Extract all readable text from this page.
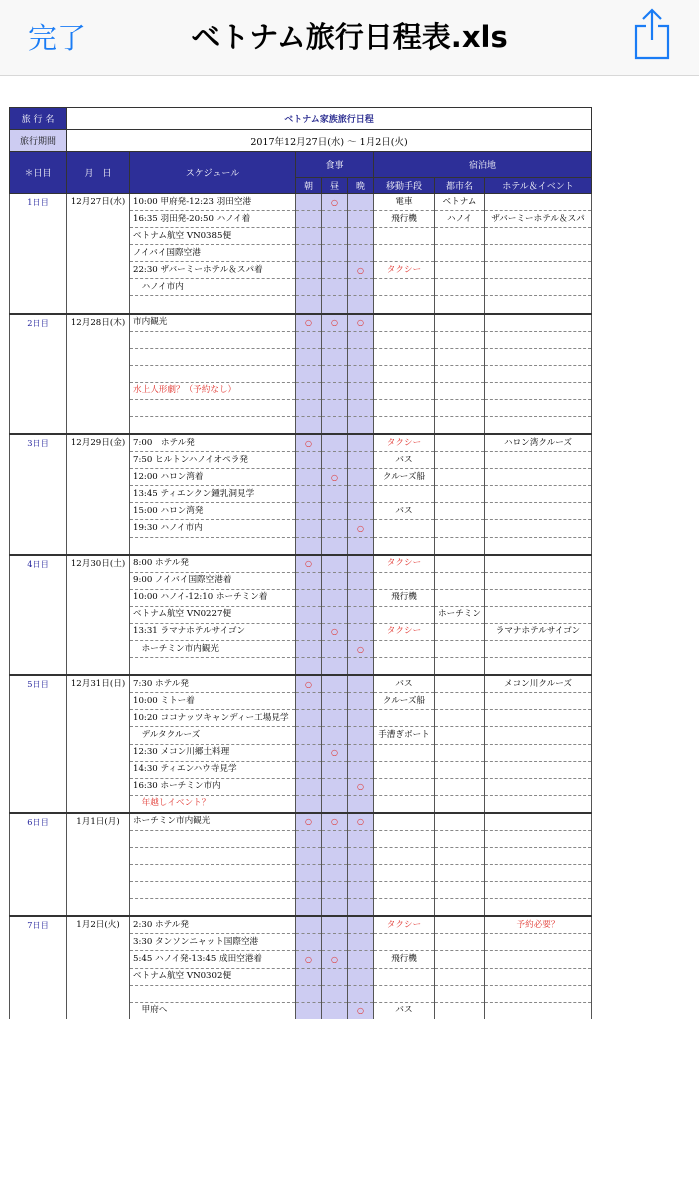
完了	ベトナム旅行日程表.xls
旅 行 名	ベトナム家族旅行日程							
旅行期間	2017年12月27日(水) 〜 1月2日(火)							
＊日目	月　日	スケジュール	食事			宿泊地		
			朝	昼	晩	移動手段	都市名	ホテル＆イベント
1日目	12月27日(水)	10:00 甲府発-12:23 羽田空港		○		電車	ベトナム	
		16:35 羽田発-20:50 ハノイ着				飛行機	ハノイ	ザバーミーホテル＆スパ
		ベトナム航空 VN0385便						
		ノイバイ国際空港						
		22:30 ザバーミーホテル＆スパ着			○	タクシー		
		　ハノイ市内						

2日目	12月28日(木)	市内観光	○	○	○			

		水上人形劇？（予約なし）						

3日目	12月29日(金)	7:00　ホテル発	○			タクシー		ハロン湾クルーズ
		7:50 ヒルトンハノイオペラ発				バス		
		12:00 ハロン湾着		○		クルーズ船		
		13:45 ティエンクン鍾乳洞見学						
		15:00 ハロン湾発				バス		
		19:30 ハノイ市内			○			

4日目	12月30日(土)	8:00 ホテル発	○			タクシー		
		9:00 ノイバイ国際空港着						
		10:00 ハノイ-12:10 ホーチミン着				飛行機		
		ベトナム航空 VN0227便					ホーチミン	
		13:31 ラマナホテルサイゴン		○		タクシー		ラマナホテルサイゴン
		　ホーチミン市内観光			○			

5日目	12月31日(日)	7:30 ホテル発	○			バス		メコン川クルーズ
		10:00 ミトー着				クルーズ船		
		10:20 ココナッツキャンディー工場見学						
		　デルタクルーズ				手漕ぎボート		
		12:30 メコン川郷土料理		○				
		14:30 ティエンハウ寺見学						
		16:30 ホーチミン市内			○			
		　年越しイベント？						

6日目	1月1日(月)	ホーチミン市内観光	○	○	○			

7日目	1月2日(火)	2:30 ホテル発				タクシー		予約必要？
		3:30 タンソンニャット国際空港						
		5:45 ハノイ発-13:45 成田空港着	○	○		飛行機		
		ベトナム航空 VN0302便						

		　甲府へ			○	バス		
